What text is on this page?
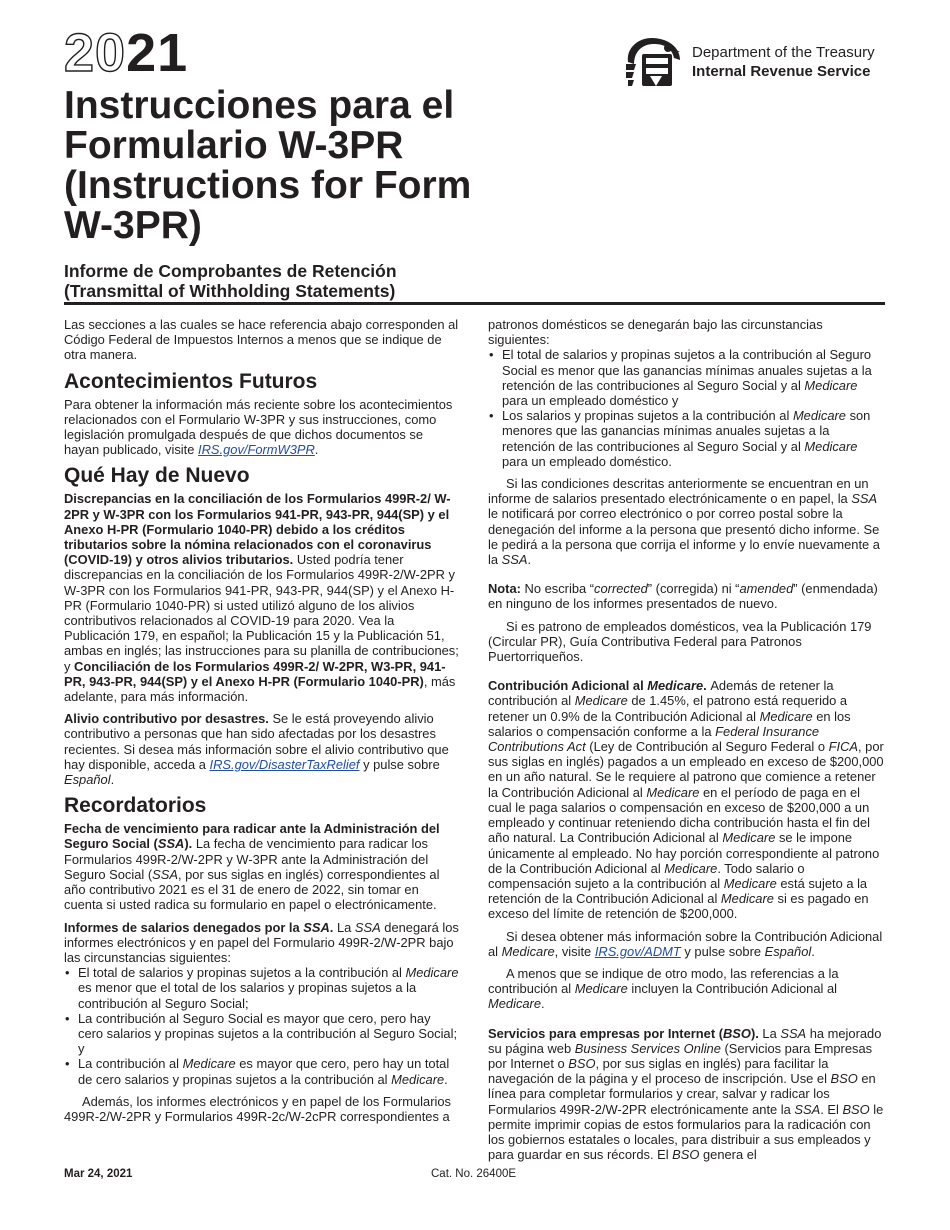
2021	Department of the Treasury
Internal Revenue Service
Instrucciones para el
Formulario W-3PR
(Instructions for Form
W-3PR)
Informe de Comprobantes de Retención
(Transmittal of Withholding Statements)

Las secciones a las cuales se hace referencia abajo corresponden al Código Federal de Impuestos Internos a menos que se indique de otra manera.

Acontecimientos Futuros

Para obtener la información más reciente sobre los acontecimientos relacionados con el Formulario W-3PR y sus instrucciones, como legislación promulgada después de que dichos documentos se hayan publicado, visite IRS.gov/FormW3PR.

Qué Hay de Nuevo

Discrepancias en la conciliación de los Formularios 499R-2/ W-2PR y W-3PR con los Formularios 941-PR, 943-PR, 944(SP) y el Anexo H-PR (Formulario 1040-PR) debido a los créditos tributarios sobre la nómina relacionados con el coronavirus (COVID-19) y otros alivios tributarios. Usted podría tener discrepancias en la conciliación de los Formularios 499R-2/W-2PR y W-3PR con los Formularios 941-PR, 943-PR, 944(SP) y el Anexo H-PR (Formulario 1040-PR) si usted utilizó alguno de los alivios contributivos relacionados al COVID-19 para 2020. Vea la Publicación 179, en español; la Publicación 15 y la Publicación 51, ambas en inglés; las instrucciones para su planilla de contribuciones; y Conciliación de los Formularios 499R-2/ W-2PR, W3-PR, 941-PR, 943-PR, 944(SP) y el Anexo H-PR (Formulario 1040-PR), más adelante, para más información.

Alivio contributivo por desastres. Se le está proveyendo alivio contributivo a personas que han sido afectadas por los desastres recientes. Si desea más información sobre el alivio contributivo que hay disponible, acceda a IRS.gov/DisasterTaxRelief y pulse sobre Español.

Recordatorios

Fecha de vencimiento para radicar ante la Administración del Seguro Social (SSA). La fecha de vencimiento para radicar los Formularios 499R-2/W-2PR y W-3PR ante la Administración del Seguro Social (SSA, por sus siglas en inglés) correspondientes al año contributivo 2021 es el 31 de enero de 2022, sin tomar en cuenta si usted radica su formulario en papel o electrónicamente.

Informes de salarios denegados por la SSA. La SSA denegará los informes electrónicos y en papel del Formulario 499R-2/W-2PR bajo las circunstancias siguientes:

• El total de salarios y propinas sujetos a la contribución al Medicare es menor que el total de los salarios y propinas sujetos a la contribución al Seguro Social;
• La contribución al Seguro Social es mayor que cero, pero hay cero salarios y propinas sujetos a la contribución al Seguro Social; y
• La contribución al Medicare es mayor que cero, pero hay un total de cero salarios y propinas sujetos a la contribución al Medicare.

Además, los informes electrónicos y en papel de los Formularios 499R-2/W-2PR y Formularios 499R-2c/W-2cPR correspondientes a

patronos domésticos se denegarán bajo las circunstancias siguientes:

• El total de salarios y propinas sujetos a la contribución al Seguro Social es menor que las ganancias mínimas anuales sujetas a la retención de las contribuciones al Seguro Social y al Medicare para un empleado doméstico y
• Los salarios y propinas sujetos a la contribución al Medicare son menores que las ganancias mínimas anuales sujetas a la retención de las contribuciones al Seguro Social y al Medicare para un empleado doméstico.

Si las condiciones descritas anteriormente se encuentran en un informe de salarios presentado electrónicamente o en papel, la SSA le notificará por correo electrónico o por correo postal sobre la denegación del informe a la persona que presentó dicho informe. Se le pedirá a la persona que corrija el informe y lo envíe nuevamente a la SSA.

Nota: No escriba “corrected” (corregida) ni “amended” (enmendada) en ninguno de los informes presentados de nuevo.

Si es patrono de empleados domésticos, vea la Publicación 179 (Circular PR), Guía Contributiva Federal para Patronos Puertorriqueños.

Contribución Adicional al Medicare. Además de retener la contribución al Medicare de 1.45%, el patrono está requerido a retener un 0.9% de la Contribución Adicional al Medicare en los salarios o compensación conforme a la Federal Insurance Contributions Act (Ley de Contribución al Seguro Federal o FICA, por sus siglas en inglés) pagados a un empleado en exceso de $200,000 en un año natural. Se le requiere al patrono que comience a retener la Contribución Adicional al Medicare en el período de paga en el cual le paga salarios o compensación en exceso de $200,000 a un empleado y continuar reteniendo dicha contribución hasta el fin del año natural. La Contribución Adicional al Medicare se le impone únicamente al empleado. No hay porción correspondiente al patrono de la Contribución Adicional al Medicare. Todo salario o compensación sujeto a la contribución al Medicare está sujeto a la retención de la Contribución Adicional al Medicare si es pagado en exceso del límite de retención de $200,000.

Si desea obtener más información sobre la Contribución Adicional al Medicare, visite IRS.gov/ADMT y pulse sobre Español.

A menos que se indique de otro modo, las referencias a la contribución al Medicare incluyen la Contribución Adicional al Medicare.

Servicios para empresas por Internet (BSO). La SSA ha mejorado su página web Business Services Online (Servicios para Empresas por Internet o BSO, por sus siglas en inglés) para facilitar la navegación de la página y el proceso de inscripción. Use el BSO en línea para completar formularios y crear, salvar y radicar los Formularios 499R-2/W-2PR electrónicamente ante la SSA. El BSO le permite imprimir copias de estos formularios para la radicación con los gobiernos estatales o locales, para distribuir a sus empleados y para guardar en sus récords. El BSO genera el

Mar 24, 2021	Cat. No. 26400E
